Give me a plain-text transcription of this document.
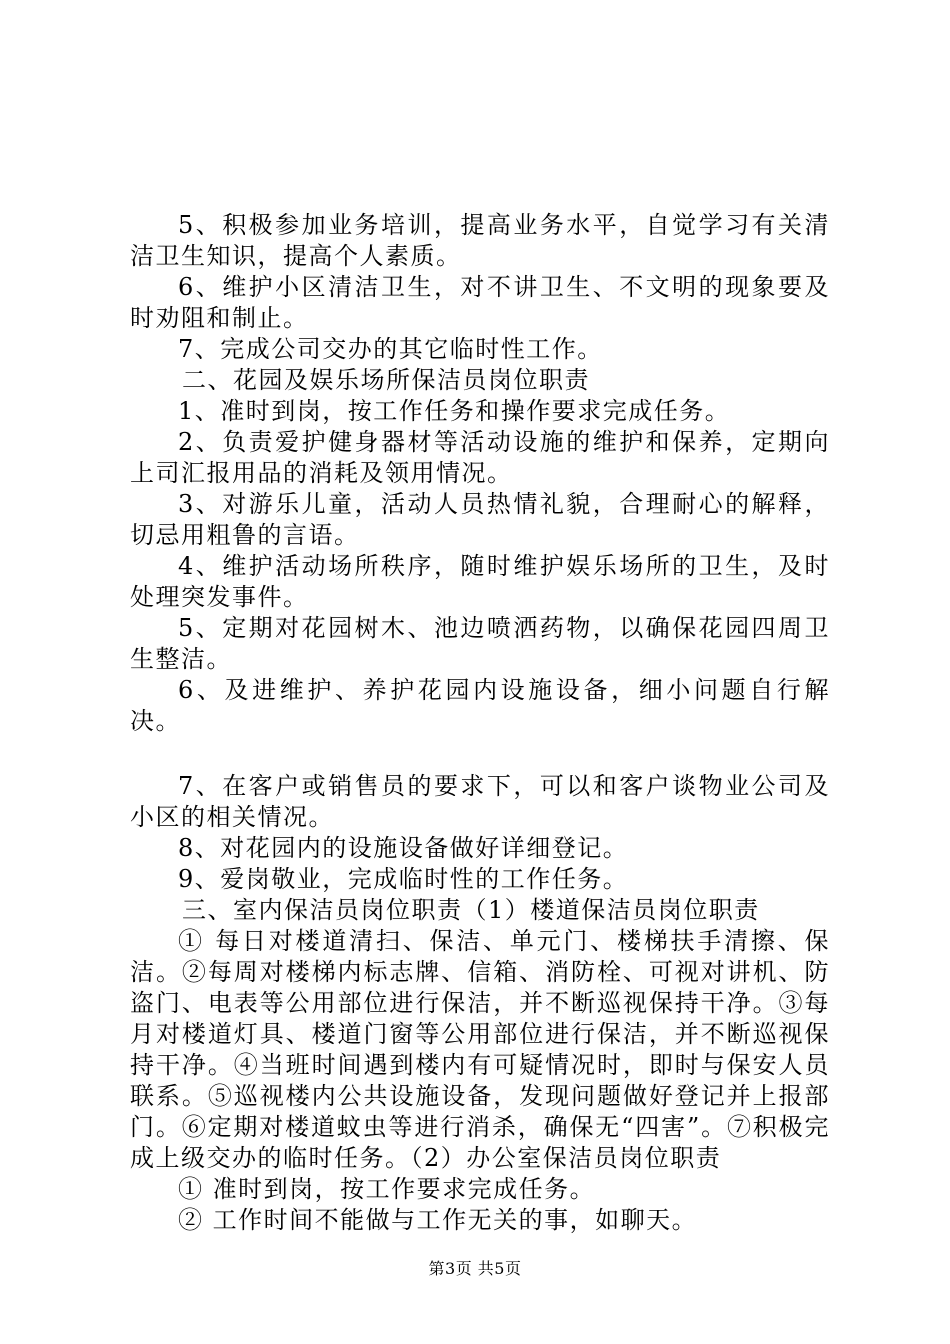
5、积极参加业务培训，提高业务水平，自觉学习有关清洁卫生知识，提高个人素质。

6、维护小区清洁卫生，对不讲卫生、不文明的现象要及时劝阻和制止。

7、完成公司交办的其它临时性工作。

二、花园及娱乐场所保洁员岗位职责

1、准时到岗，按工作任务和操作要求完成任务。

2、负责爱护健身器材等活动设施的维护和保养，定期向上司汇报用品的消耗及领用情况。

3、对游乐儿童，活动人员热情礼貌，合理耐心的解释，切忌用粗鲁的言语。

4、维护活动场所秩序，随时维护娱乐场所的卫生，及时处理突发事件。

5、定期对花园树木、池边喷洒药物，以确保花园四周卫生整洁。

6、及进维护、养护花园内设施设备，细小问题自行解决。

7、在客户或销售员的要求下，可以和客户谈物业公司及小区的相关情况。

8、对花园内的设施设备做好详细登记。

9、爱岗敬业，完成临时性的工作任务。

三、室内保洁员岗位职责（1）楼道保洁员岗位职责

① 每日对楼道清扫、保洁、单元门、楼梯扶手清擦、保洁。②每周对楼梯内标志牌、信箱、消防栓、可视对讲机、防盗门、电表等公用部位进行保洁，并不断巡视保持干净。③每月对楼道灯具、楼道门窗等公用部位进行保洁，并不断巡视保持干净。④当班时间遇到楼内有可疑情况时，即时与保安人员联系。⑤巡视楼内公共设施设备，发现问题做好登记并上报部门。⑥定期对楼道蚊虫等进行消杀，确保无“四害”。⑦积极完成上级交办的临时任务。（2）办公室保洁员岗位职责

① 准时到岗，按工作要求完成任务。

② 工作时间不能做与工作无关的事，如聊天。

第3页 共5页
